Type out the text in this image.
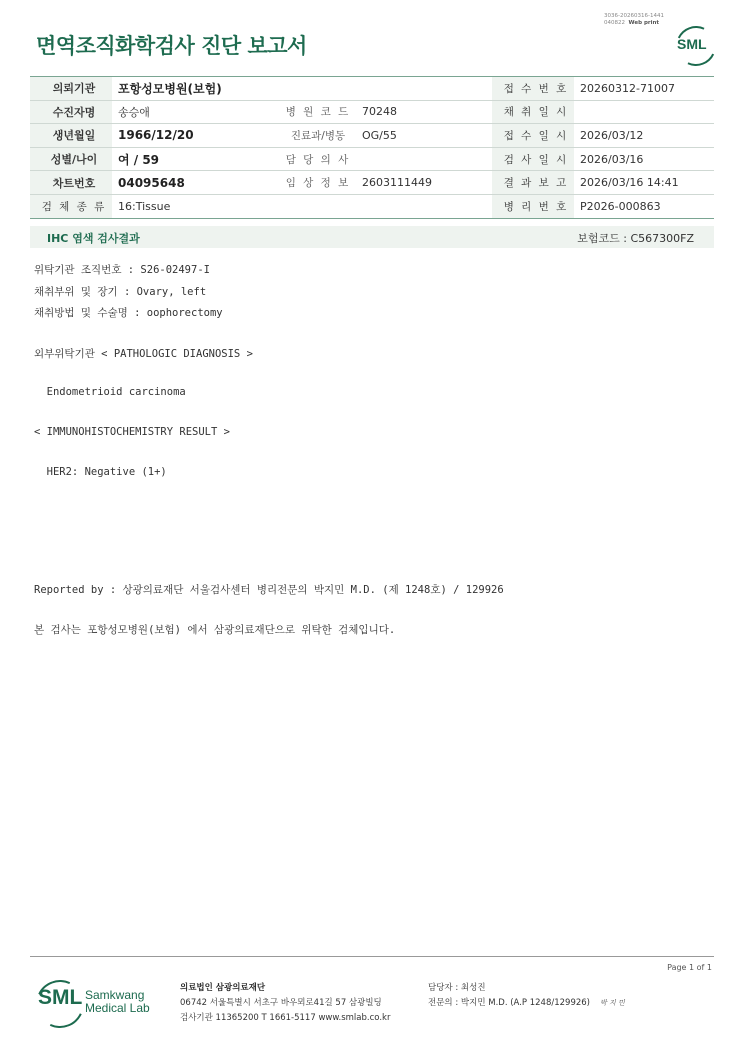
3036-20260316-1441
040822 Web print
면역조직화학검사 진단 보고서	SML
의뢰기관	포항성모병원(보험)			접 수 번 호	20260312-71007
수진자명	송승애	병 원 코 드	70248	채 취 일 시	
생년월일	1966/12/20	진료과/병동	OG/55	접 수 일 시	2026/03/12
성별/나이	여 / 59	담 당 의 사		검 사 일 시	2026/03/16
차트번호	04095648	임 상 정 보	2603111449	결 과 보 고	2026/03/16 14:41
검 체 종 류	16:Tissue			병 리 번 호	P2026-000863
IHC 염색 검사결과	보험코드 : C567300FZ
위탁기관 조직번호 : S26-02497-I
채취부위 및 장기 : Ovary, left
채취방법 및 수술명 : oophorectomy
외부위탁기관 < PATHOLOGIC DIAGNOSIS >
Endometrioid carcinoma
< IMMUNOHISTOCHEMISTRY RESULT >
HER2: Negative (1+)
Reported by : 상광의료재단 서울검사센터 병리전문의 박지민 M.D. (제 1248호) / 129926
본 검사는 포항성모병원(보험) 에서 삼광의료재단으로 위탁한 검체입니다.
Page 1 of 1
SML Samkwang
Medical Lab
의료법인 삼광의료재단
06742 서울특별시 서초구 바우뫼로41길 57 삼광빌딩
검사기관 11365200 T 1661-5117 www.smlab.co.kr
담당자 : 최성진
전문의 : 박지민 M.D. (A.P 1248/129926) 박 지 민
